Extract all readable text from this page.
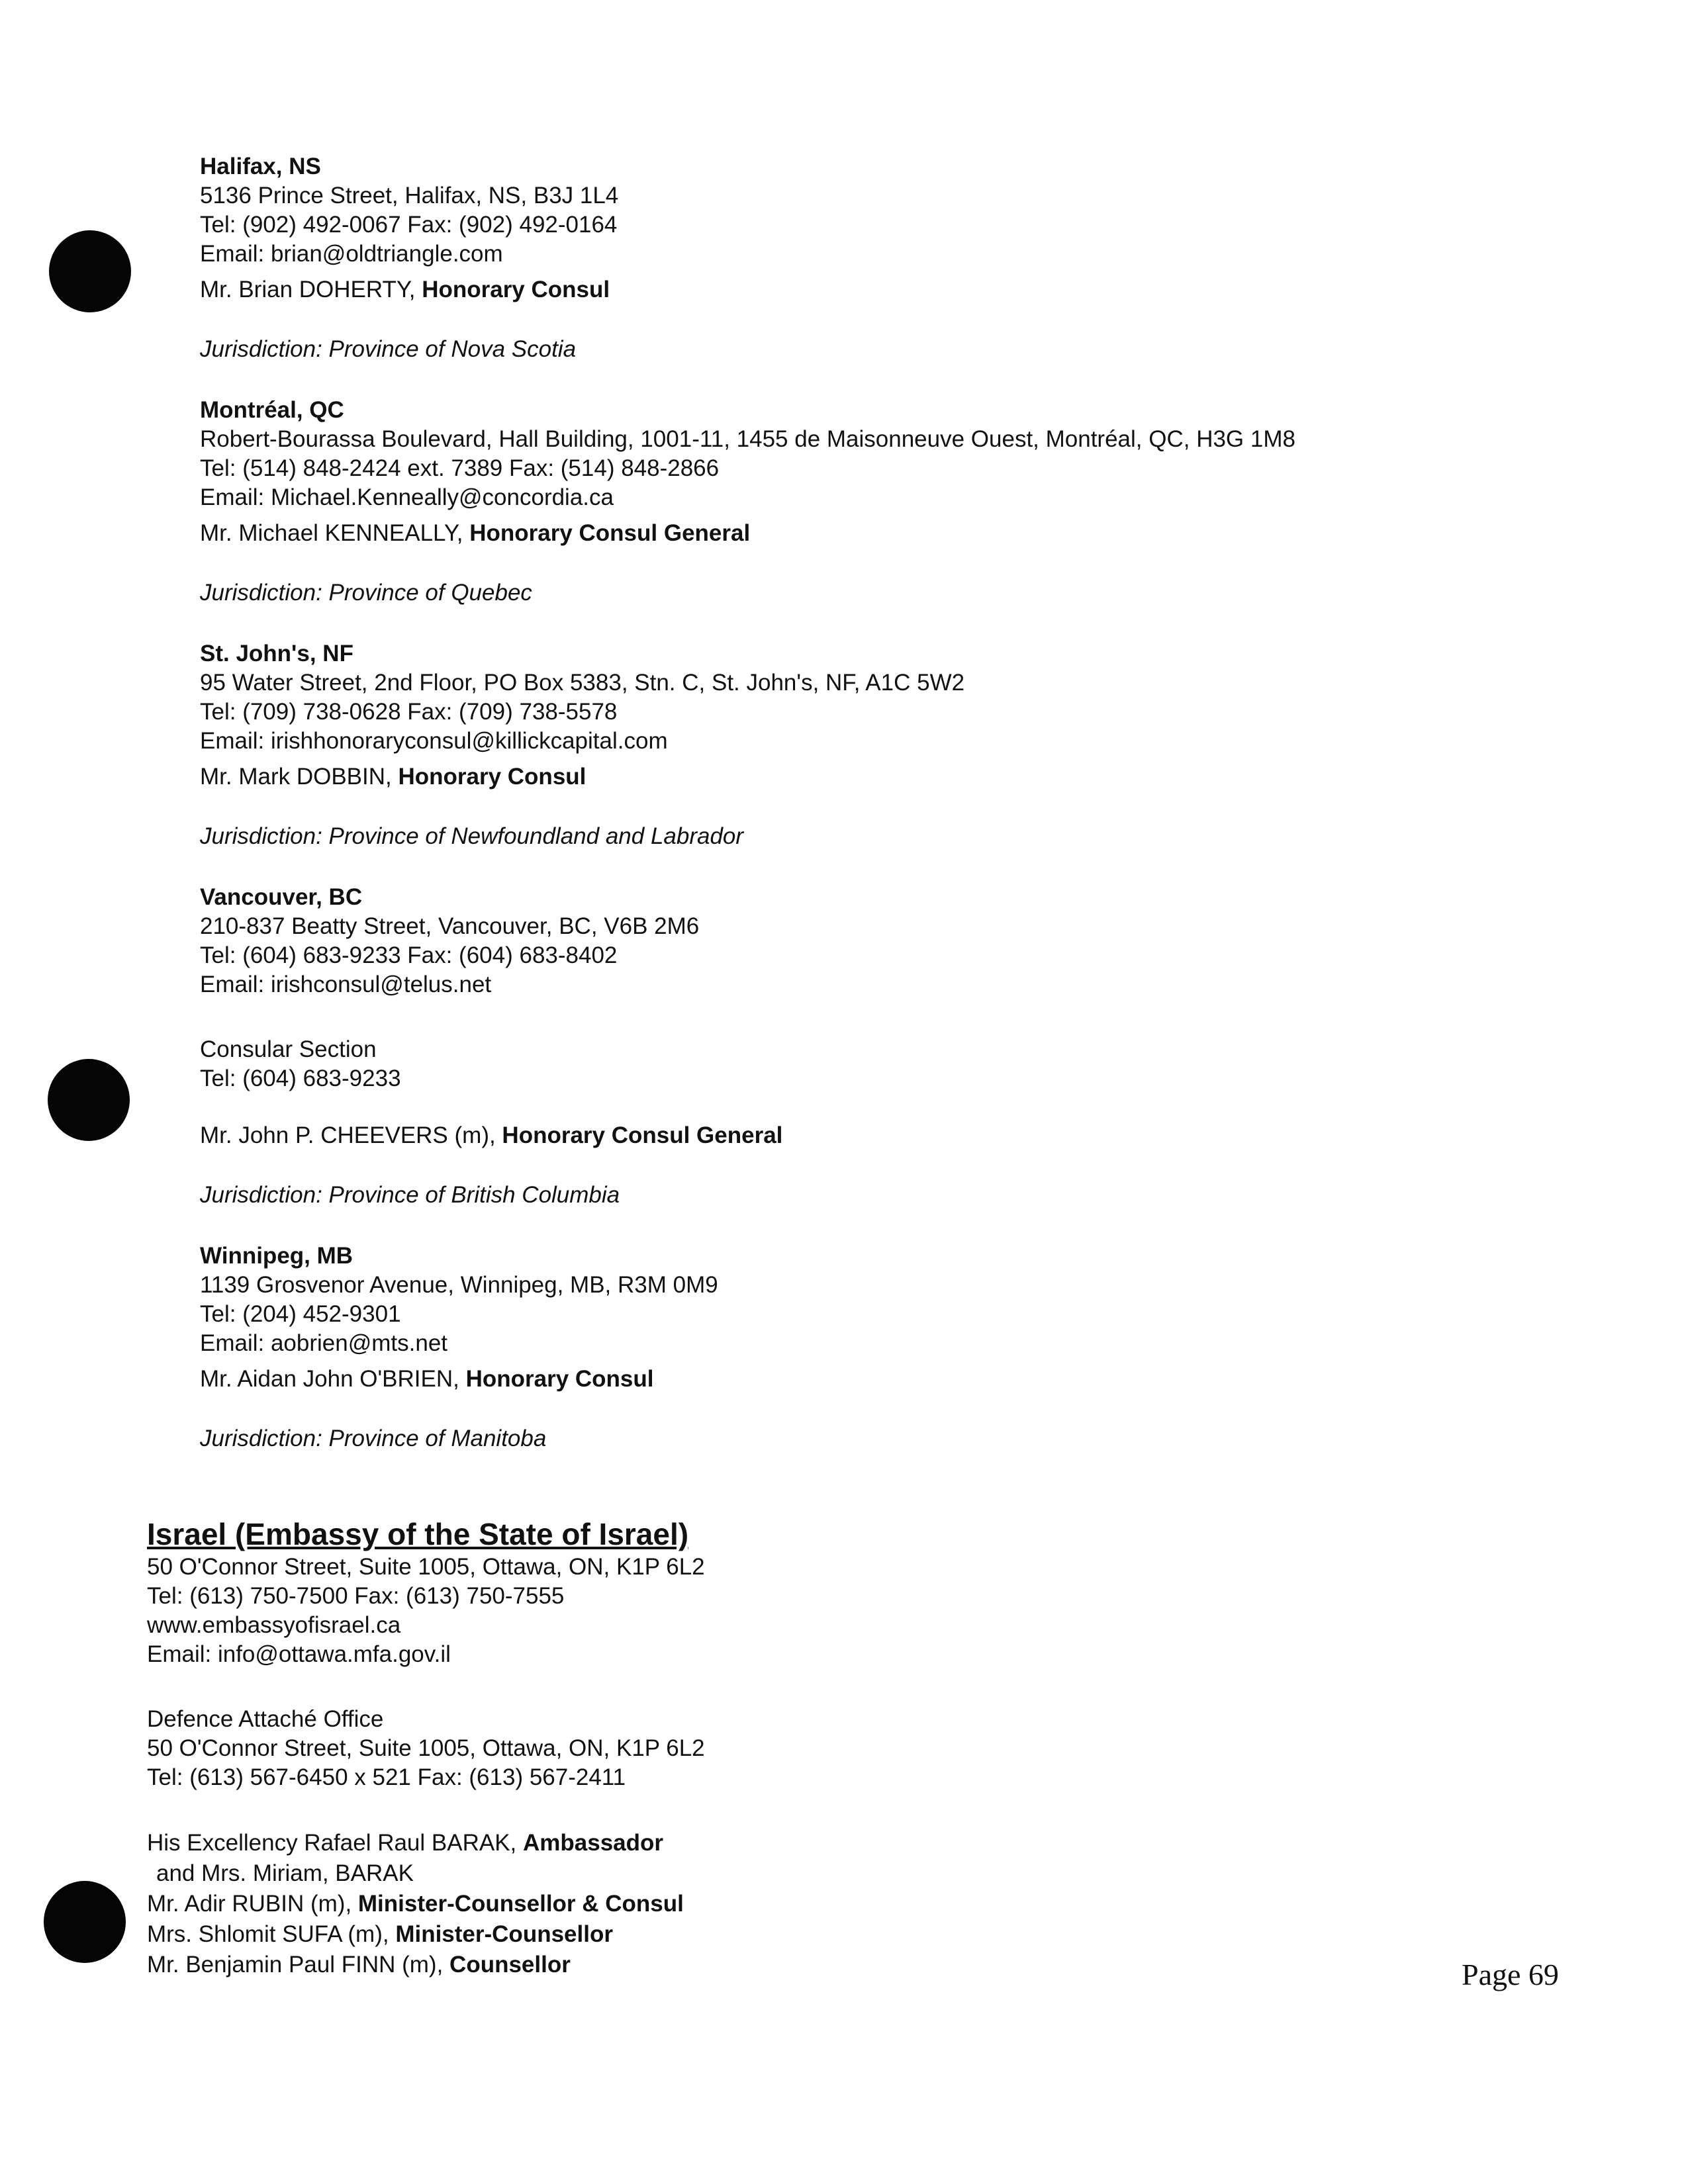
Halifax, NS
5136 Prince Street, Halifax, NS, B3J 1L4
Tel: (902) 492-0067 Fax: (902) 492-0164
Email: brian@oldtriangle.com
Mr. Brian DOHERTY, Honorary Consul
Jurisdiction: Province of Nova Scotia
Montréal, QC
Robert-Bourassa Boulevard, Hall Building, 1001-11, 1455 de Maisonneuve Ouest, Montréal, QC, H3G 1M8
Tel: (514) 848-2424 ext. 7389 Fax: (514) 848-2866
Email: Michael.Kenneally@concordia.ca
Mr. Michael KENNEALLY, Honorary Consul General
Jurisdiction: Province of Quebec
St. John's, NF
95 Water Street, 2nd Floor, PO Box 5383, Stn. C, St. John's, NF, A1C 5W2
Tel: (709) 738-0628 Fax: (709) 738-5578
Email: irishhonoraryconsul@killickcapital.com
Mr. Mark DOBBIN, Honorary Consul
Jurisdiction: Province of Newfoundland and Labrador
Vancouver, BC
210-837 Beatty Street, Vancouver, BC, V6B 2M6
Tel: (604) 683-9233 Fax: (604) 683-8402
Email: irishconsul@telus.net
Consular Section
Tel: (604) 683-9233
Mr. John P. CHEEVERS (m), Honorary Consul General
Jurisdiction: Province of British Columbia
Winnipeg, MB
1139 Grosvenor Avenue, Winnipeg, MB, R3M 0M9
Tel: (204) 452-9301
Email: aobrien@mts.net
Mr. Aidan John O'BRIEN, Honorary Consul
Jurisdiction: Province of Manitoba
Israel (Embassy of the State of Israel)
50 O'Connor Street, Suite 1005, Ottawa, ON, K1P 6L2
Tel: (613) 750-7500 Fax: (613) 750-7555
www.embassyofisrael.ca
Email: info@ottawa.mfa.gov.il
Defence Attaché Office
50 O'Connor Street, Suite 1005, Ottawa, ON, K1P 6L2
Tel: (613) 567-6450 x 521 Fax: (613) 567-2411
His Excellency Rafael Raul BARAK, Ambassador
and Mrs. Miriam, BARAK
Mr. Adir RUBIN (m), Minister-Counsellor & Consul
Mrs. Shlomit SUFA (m), Minister-Counsellor
Mr. Benjamin Paul FINN (m), Counsellor	Page 69
